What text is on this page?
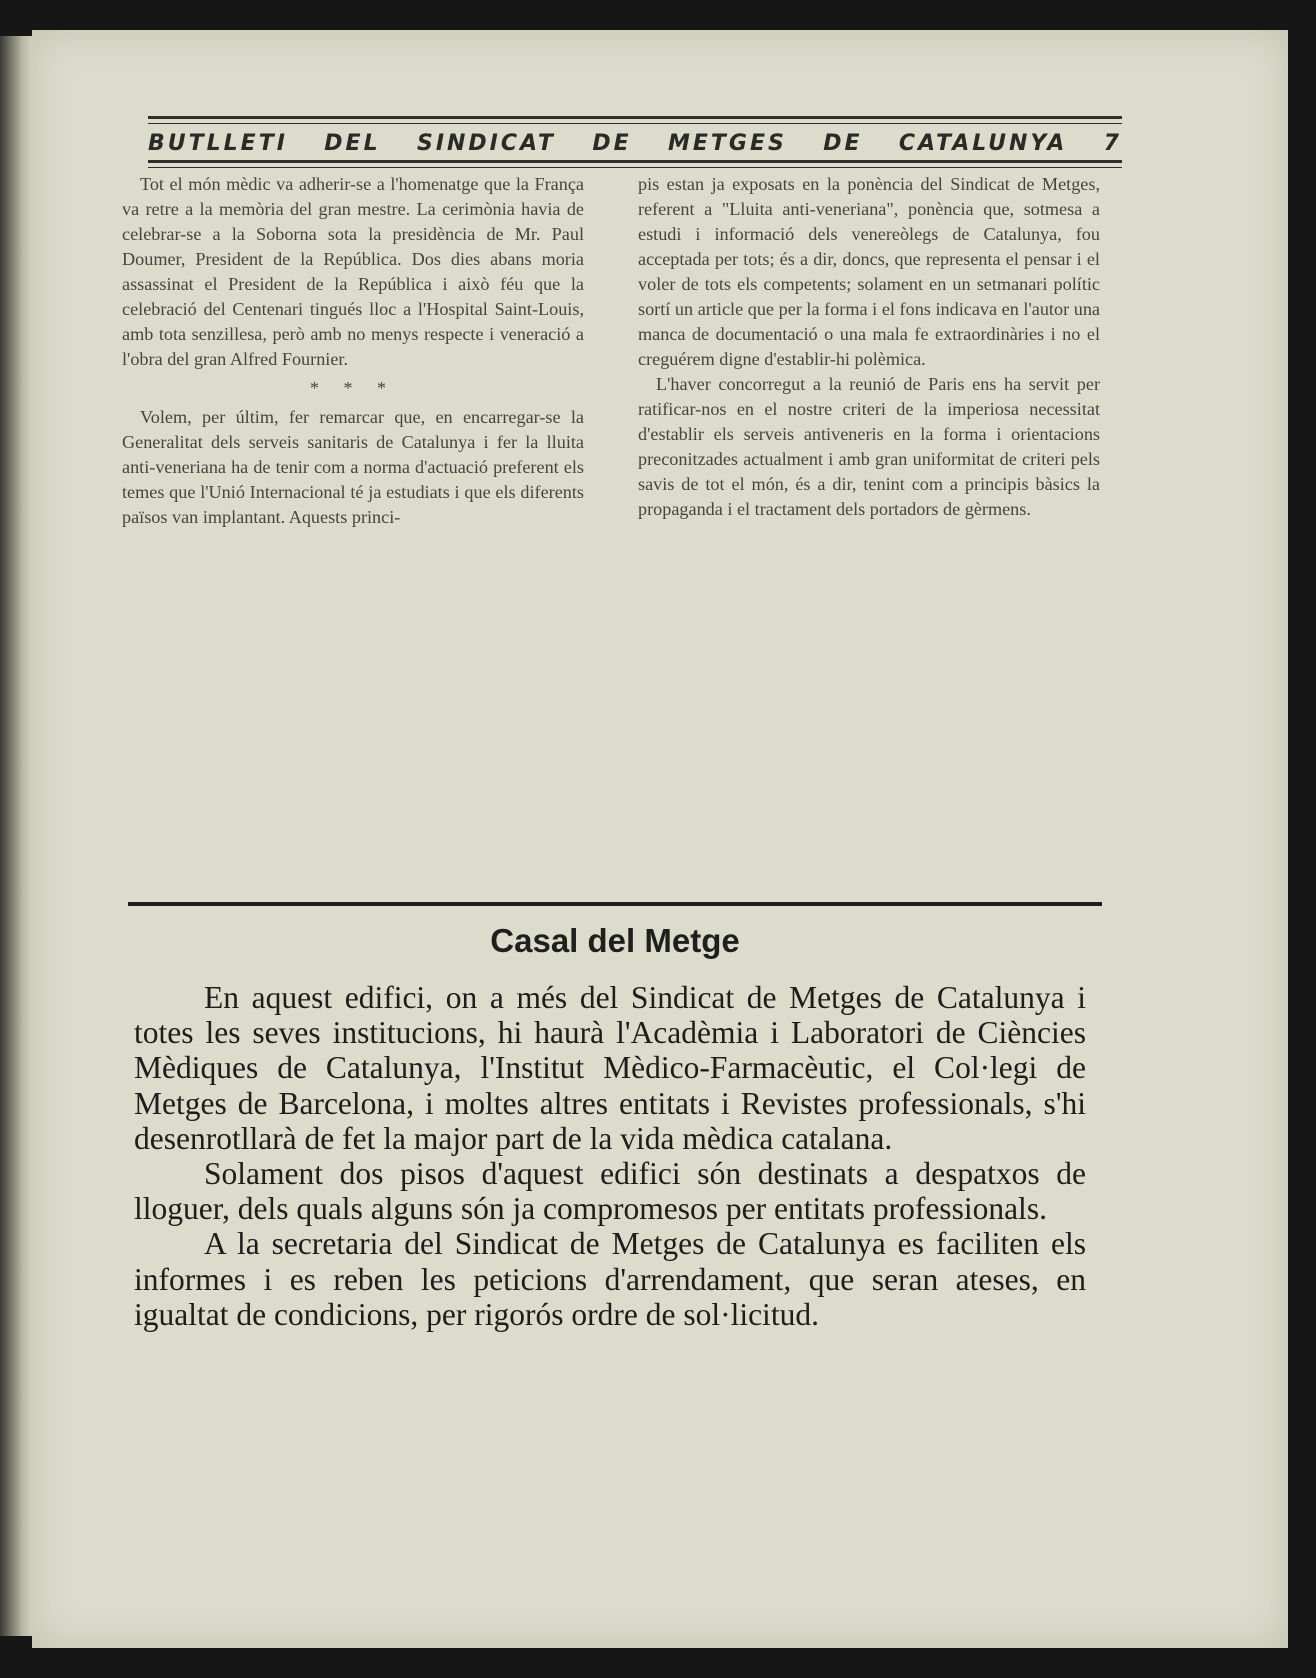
BUTLLETI DEL SINDICAT DE METGES DE CATALUNYA 7

Tot el món mèdic va adherir-se a l'homenatge que la França va retre a la memòria del gran mestre. La cerimònia havia de celebrar-se a la Soborna sota la presidència de Mr. Paul Doumer, President de la República. Dos dies abans moria assassinat el President de la República i això féu que la celebració del Centenari tingués lloc a l'Hospital Saint-Louis, amb tota senzillesa, però amb no menys respecte i veneració a l'obra del gran Alfred Fournier.

* * *

Volem, per últim, fer remarcar que, en encarregar-se la Generalitat dels serveis sanitaris de Catalunya i fer la lluita anti-veneriana ha de tenir com a norma d'actuació preferent els temes que l'Unió Internacional té ja estudiats i que els diferents països van implantant. Aquests princi-

pis estan ja exposats en la ponència del Sindicat de Metges, referent a "Lluita anti-veneriana", ponència que, sotmesa a estudi i informació dels venereòlegs de Catalunya, fou acceptada per tots; és a dir, doncs, que representa el pensar i el voler de tots els competents; solament en un setmanari polític sortí un article que per la forma i el fons indicava en l'autor una manca de documentació o una mala fe extraordinàries i no el creguérem digne d'establir-hi polèmica.

L'haver concorregut a la reunió de Paris ens ha servit per ratificar-nos en el nostre criteri de la imperiosa necessitat d'establir els serveis antiveneris en la forma i orientacions preconitzades actualment i amb gran uniformitat de criteri pels savis de tot el món, és a dir, tenint com a principis bàsics la propaganda i el tractament dels portadors de gèrmens.

Casal del Metge

En aquest edifici, on a més del Sindicat de Metges de Catalunya i totes les seves institucions, hi haurà l'Acadèmia i Laboratori de Ciències Mèdiques de Catalunya, l'Institut Mèdico-Farmacèutic, el Col·legi de Metges de Barcelona, i moltes altres entitats i Revistes professionals, s'hi desenrotllarà de fet la major part de la vida mèdica catalana.

Solament dos pisos d'aquest edifici són destinats a despatxos de lloguer, dels quals alguns són ja compromesos per entitats professionals.

A la secretaria del Sindicat de Metges de Catalunya es faciliten els informes i es reben les peticions d'arrendament, que seran ateses, en igualtat de condicions, per rigorós ordre de sol·licitud.
